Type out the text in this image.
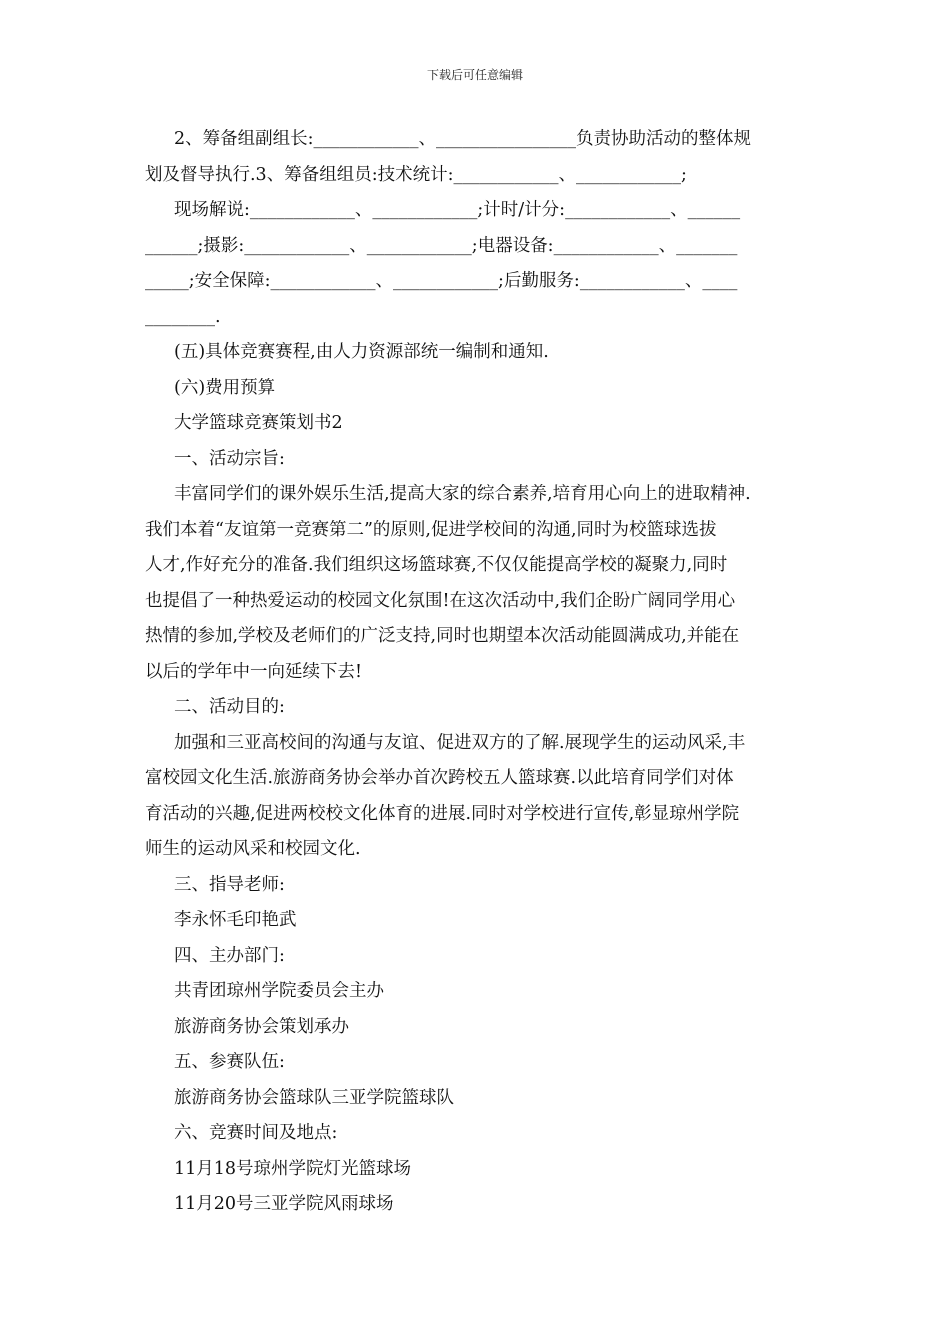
下载后可任意编辑

2、筹备组副组长:____________、________________负责协助活动的整体规

划及督导执行.3、筹备组组员:技术统计:____________、____________;

现场解说:____________、____________;计时/计分:____________、______

______;摄影:____________、____________;电器设备:____________、_______

_____;安全保障:____________、____________;后勤服务:____________、____

________.

(五)具体竞赛赛程,由人力资源部统一编制和通知.

(六)费用预算

大学篮球竞赛策划书2

一、活动宗旨:

丰富同学们的课外娱乐生活,提高大家的综合素养,培育用心向上的进取精神.

我们本着“友谊第一竞赛第二”的原则,促进学校间的沟通,同时为校篮球选拔

人才,作好充分的准备.我们组织这场篮球赛,不仅仅能提高学校的凝聚力,同时

也提倡了一种热爱运动的校园文化氛围!在这次活动中,我们企盼广阔同学用心

热情的参加,学校及老师们的广泛支持,同时也期望本次活动能圆满成功,并能在

以后的学年中一向延续下去!

二、活动目的:

加强和三亚高校间的沟通与友谊、促进双方的了解.展现学生的运动风采,丰

富校园文化生活.旅游商务协会举办首次跨校五人篮球赛.以此培育同学们对体

育活动的兴趣,促进两校校文化体育的进展.同时对学校进行宣传,彰显琼州学院

师生的运动风采和校园文化.

三、指导老师:

李永怀毛印艳武

四、主办部门:

共青团琼州学院委员会主办

旅游商务协会策划承办

五、参赛队伍:

旅游商务协会篮球队三亚学院篮球队

六、竞赛时间及地点:

11月18号琼州学院灯光篮球场

11月20号三亚学院风雨球场
